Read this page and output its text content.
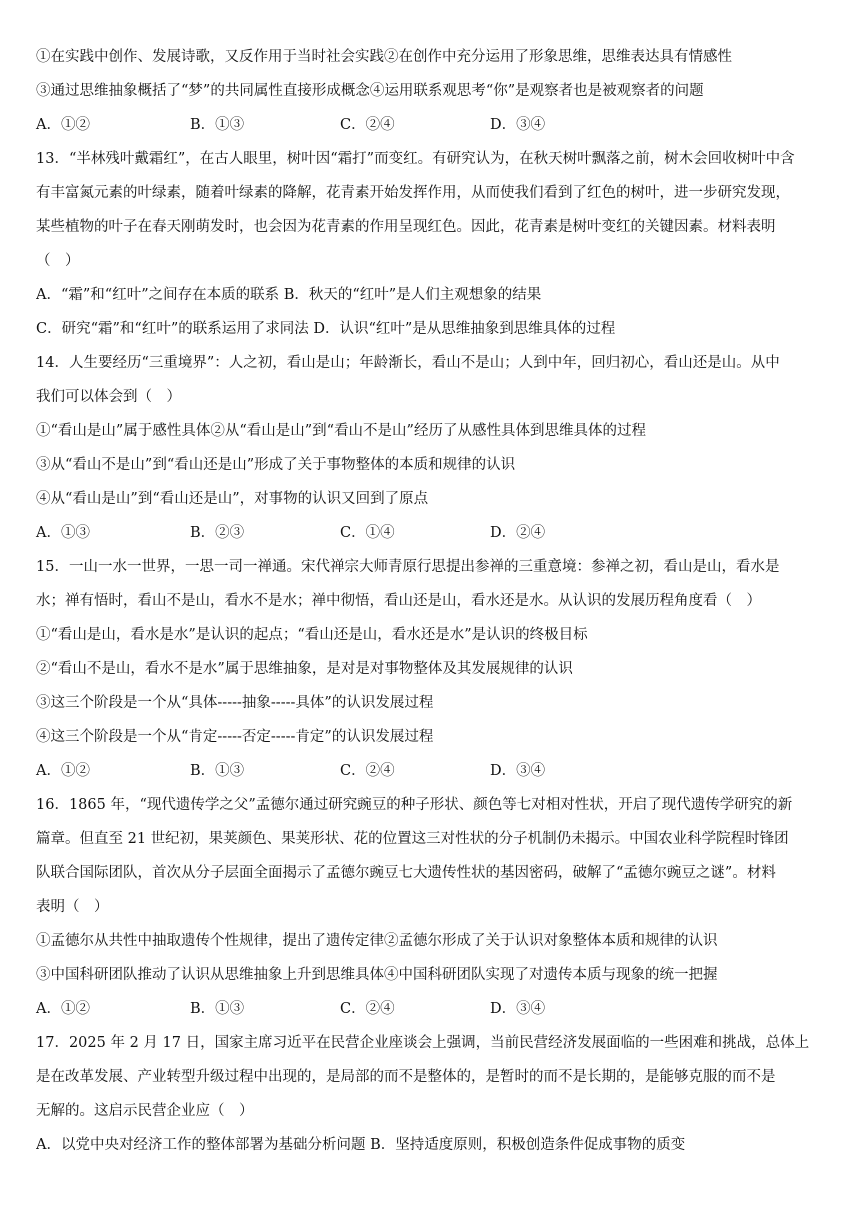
①在实践中创作、发展诗歌，又反作用于当时社会实践②在创作中充分运用了形象思维，思维表达具有情感性
③通过思维抽象概括了“梦”的共同属性直接形成概念④运用联系观思考“你”是观察者也是被观察者的问题
A．①②	B．①③	C．②④	D．③④
13．“半林残叶戴霜红”，在古人眼里，树叶因“霜打”而变红。有研究认为，在秋天树叶飘落之前，树木会回收树叶中含
有丰富氮元素的叶绿素，随着叶绿素的降解，花青素开始发挥作用，从而使我们看到了红色的树叶，进一步研究发现，
某些植物的叶子在春天刚萌发时，也会因为花青素的作用呈现红色。因此，花青素是树叶变红的关键因素。材料表明
（　）
A．“霜”和“红叶”之间存在本质的联系 B．秋天的“红叶”是人们主观想象的结果
C．研究“霜”和“红叶”的联系运用了求同法 D．认识“红叶”是从思维抽象到思维具体的过程
14．人生要经历“三重境界”：人之初，看山是山；年龄渐长，看山不是山；人到中年，回归初心，看山还是山。从中
我们可以体会到（　）
①“看山是山”属于感性具体②从“看山是山”到“看山不是山”经历了从感性具体到思维具体的过程
③从“看山不是山”到“看山还是山”形成了关于事物整体的本质和规律的认识
④从“看山是山”到“看山还是山”，对事物的认识又回到了原点
A．①③	B．②③	C．①④	D．②④
15．一山一水一世界，一思一司一禅通。宋代禅宗大师青原行思提出参禅的三重意境：参禅之初，看山是山，看水是
水；禅有悟时，看山不是山，看水不是水；禅中彻悟，看山还是山，看水还是水。从认识的发展历程角度看（　）
①“看山是山，看水是水”是认识的起点；“看山还是山，看水还是水”是认识的终极目标
②“看山不是山，看水不是水”属于思维抽象，是对是对事物整体及其发展规律的认识
③这三个阶段是一个从“具体-----抽象-----具体”的认识发展过程
④这三个阶段是一个从“肯定-----否定-----肯定”的认识发展过程
A．①②	B．①③	C．②④	D．③④
16．1865 年，“现代遗传学之父”孟德尔通过研究豌豆的种子形状、颜色等七对相对性状，开启了现代遗传学研究的新
篇章。但直至 21 世纪初，果荚颜色、果荚形状、花的位置这三对性状的分子机制仍未揭示。中国农业科学院程时锋团
队联合国际团队，首次从分子层面全面揭示了孟德尔豌豆七大遗传性状的基因密码，破解了“孟德尔豌豆之谜”。材料
表明（　）
①孟德尔从共性中抽取遗传个性规律，提出了遗传定律②孟德尔形成了关于认识对象整体本质和规律的认识
③中国科研团队推动了认识从思维抽象上升到思维具体④中国科研团队实现了对遗传本质与现象的统一把握
A．①②	B．①③	C．②④	D．③④
17．2025 年 2 月 17 日，国家主席习近平在民营企业座谈会上强调，当前民营经济发展面临的一些困难和挑战，总体上
是在改革发展、产业转型升级过程中出现的，是局部的而不是整体的，是暂时的而不是长期的，是能够克服的而不是
无解的。这启示民营企业应（　）
A．以党中央对经济工作的整体部署为基础分析问题 B．坚持适度原则，积极创造条件促成事物的质变
